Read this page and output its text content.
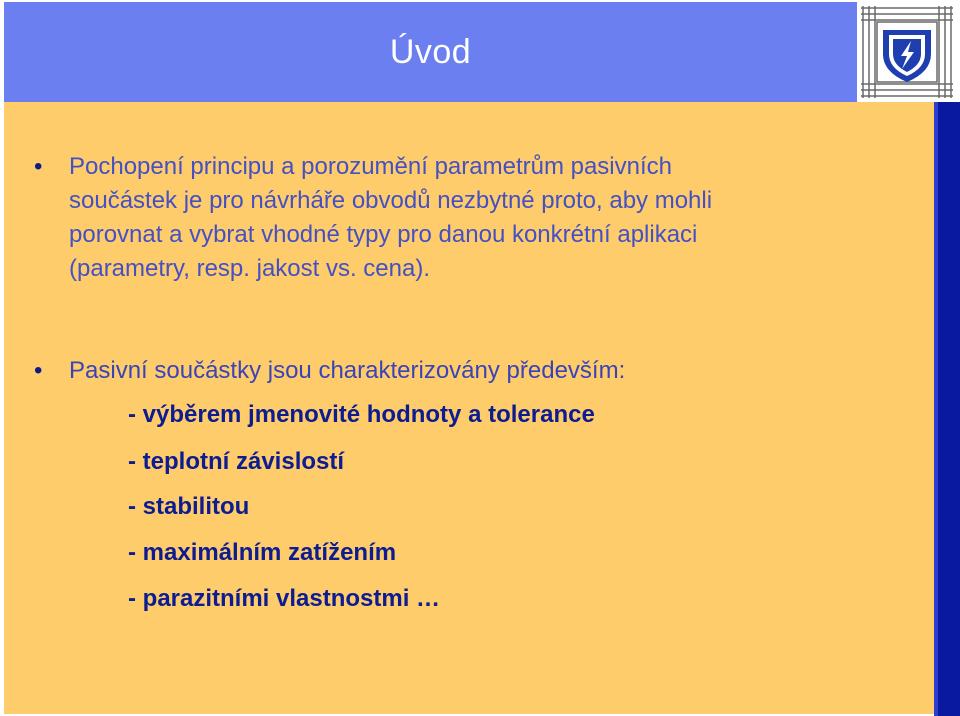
Úvod
• Pochopení principu a porozumění parametrům pasivních
součástek je pro návrháře obvodů nezbytné proto, aby mohli
porovnat a vybrat vhodné typy pro danou konkrétní aplikaci
(parametry, resp. jakost vs. cena).
• Pasivní součástky jsou charakterizovány především:
- výběrem jmenovité hodnoty a tolerance
- teplotní závislostí
- stabilitou
- maximálním zatížením
- parazitními vlastnostmi …
